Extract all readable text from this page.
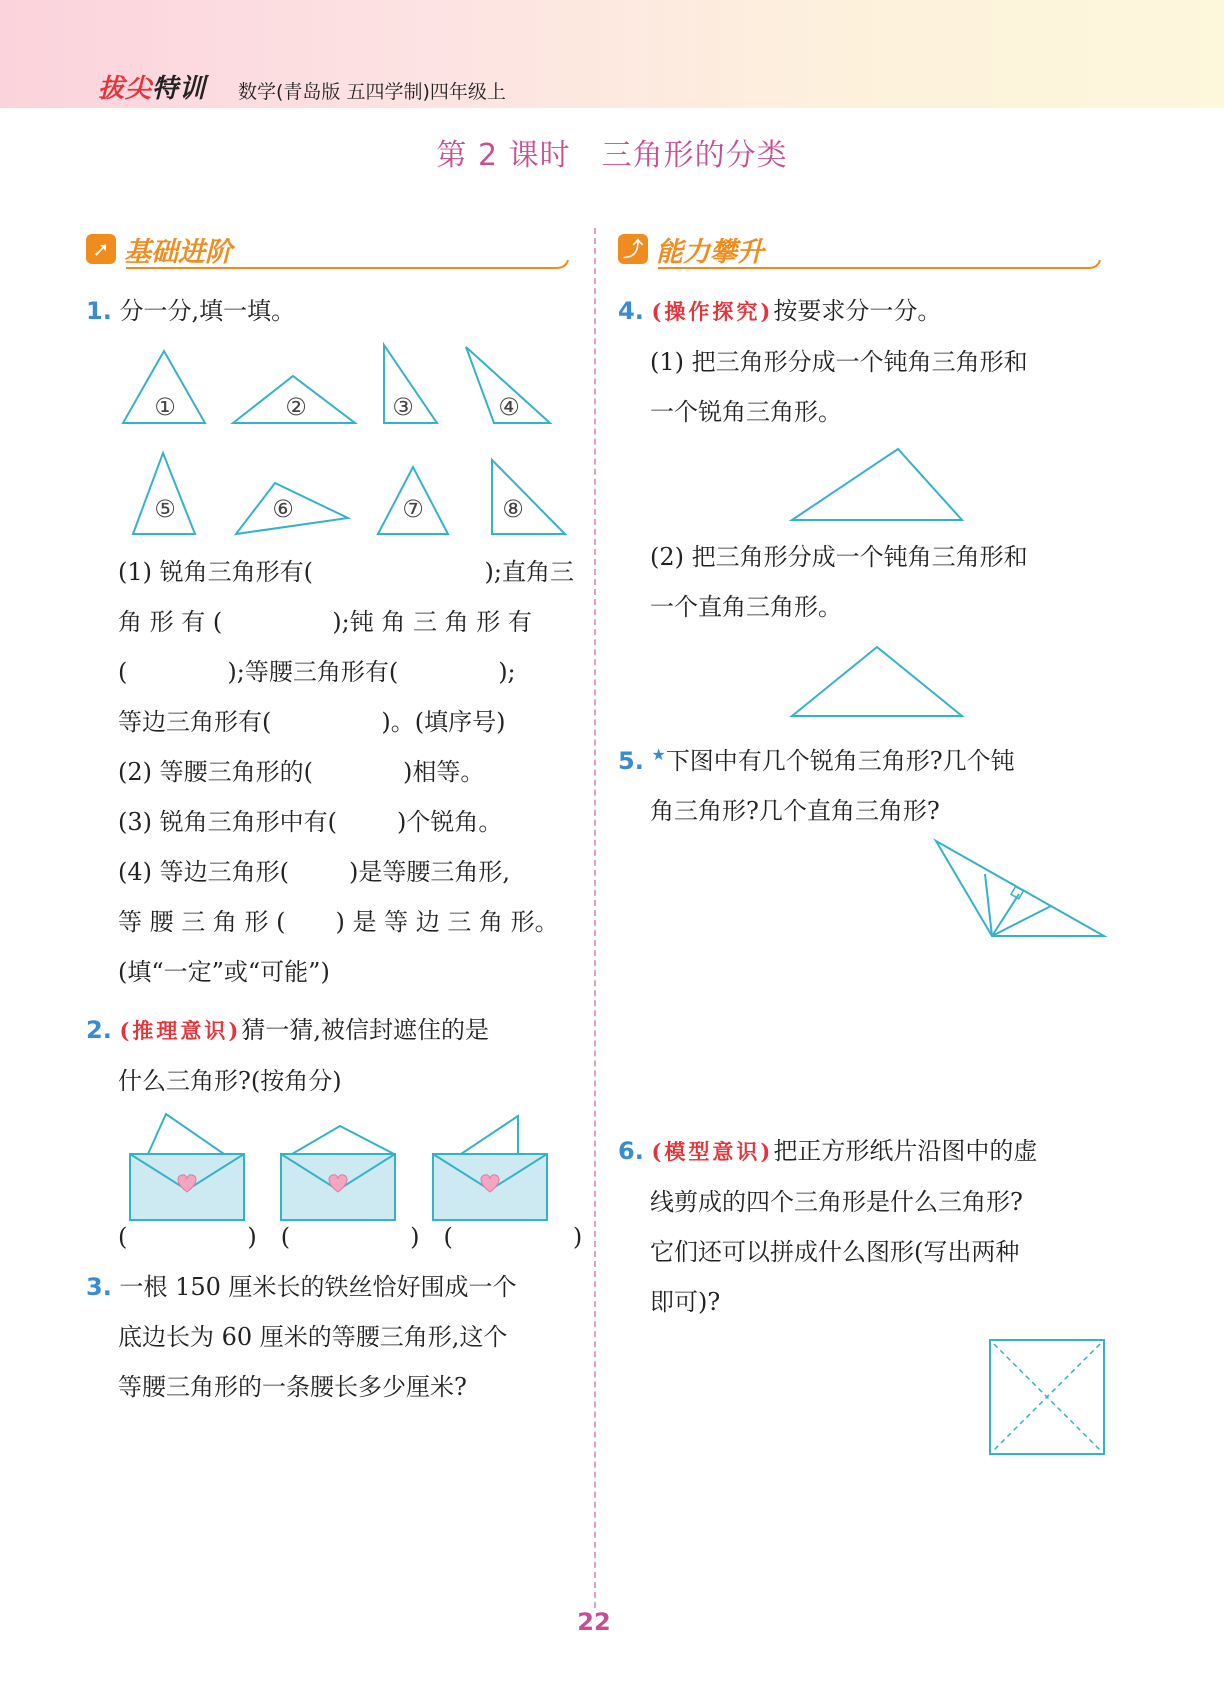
拔尖特训 数学(青岛版 五四学制)四年级上
第 2 课时　三角形的分类
➚ 基础进阶	⤴ 能力攀升
1. 分一分,填一填。
①	②	③	④
⑤	⑥	⑦	⑧
(1) 锐角三角形有(	);直角三
角 形 有 (	);钝 角 三 角 形 有
(	);等腰三角形有(	);
等边三角形有(	)。(填序号)
(2) 等腰三角形的(	)相等。
(3) 锐角三角形中有(	)个锐角。
(4) 等边三角形(	)是等腰三角形,
等 腰 三 角 形 ( ) 是 等 边 三 角 形。
(填“一定”或“可能”)
2. (推理意识)猜一猜,被信封遮住的是
什么三角形?(按角分)
(	) (	) (	)
3. 一根 150 厘米长的铁丝恰好围成一个
底边长为 60 厘米的等腰三角形,这个
等腰三角形的一条腰长多少厘米?
4. (操作探究)按要求分一分。
(1) 把三角形分成一个钝角三角形和
一个锐角三角形。
(2) 把三角形分成一个钝角三角形和
一个直角三角形。
5. ★下图中有几个锐角三角形?几个钝
角三角形?几个直角三角形?
6. (模型意识)把正方形纸片沿图中的虚
线剪成的四个三角形是什么三角形?
它们还可以拼成什么图形(写出两种
即可)?
22
